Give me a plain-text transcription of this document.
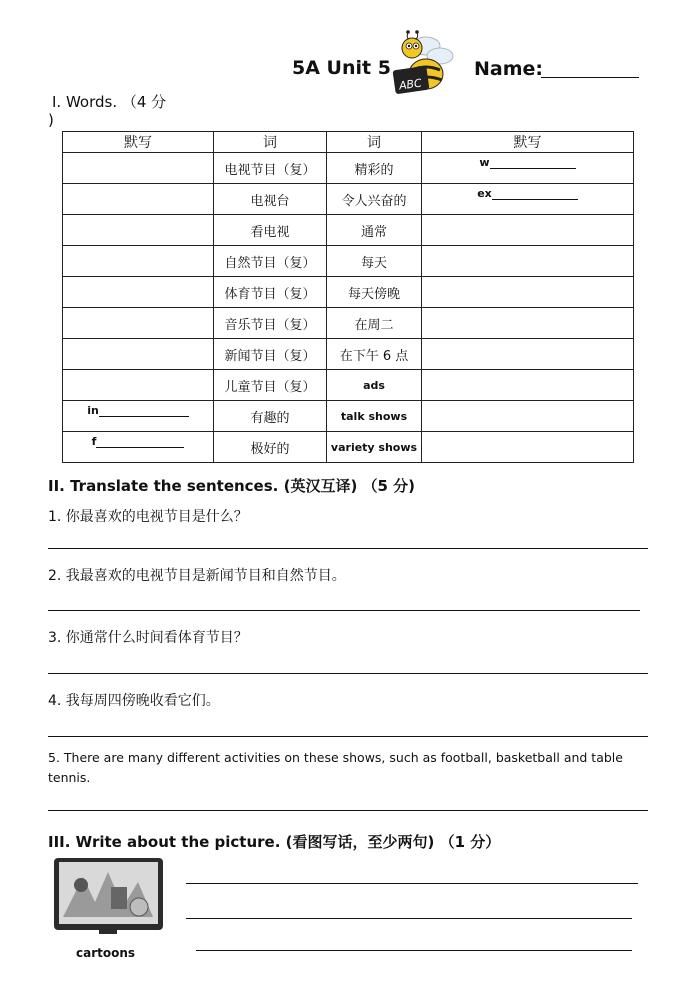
5A Unit 5
ABC
Name:
Ⅰ. Words. （4 分
)
默写	词	词	默写
	电视节目（复）	精彩的	w
	电视台	令人兴奋的	ex
	看电视	通常	
	自然节目（复）	每天	
	体育节目（复）	每天傍晚	
	音乐节目（复）	在周二	
	新闻节目（复）	在下午 6 点	
	儿童节目（复）	ads	
in	有趣的	talk shows	
f	极好的	variety shows	
II. Translate the sentences. (英汉互译) （5 分)
1. 你最喜欢的电视节目是什么？
2. 我最喜欢的电视节目是新闻节目和自然节目。
3. 你通常什么时间看体育节目？
4. 我每周四傍晚收看它们。
5. There are many different activities on these shows, such as football, basketball and table tennis.
III. Write about the picture. (看图写话，至少两句) （1 分）
cartoons
